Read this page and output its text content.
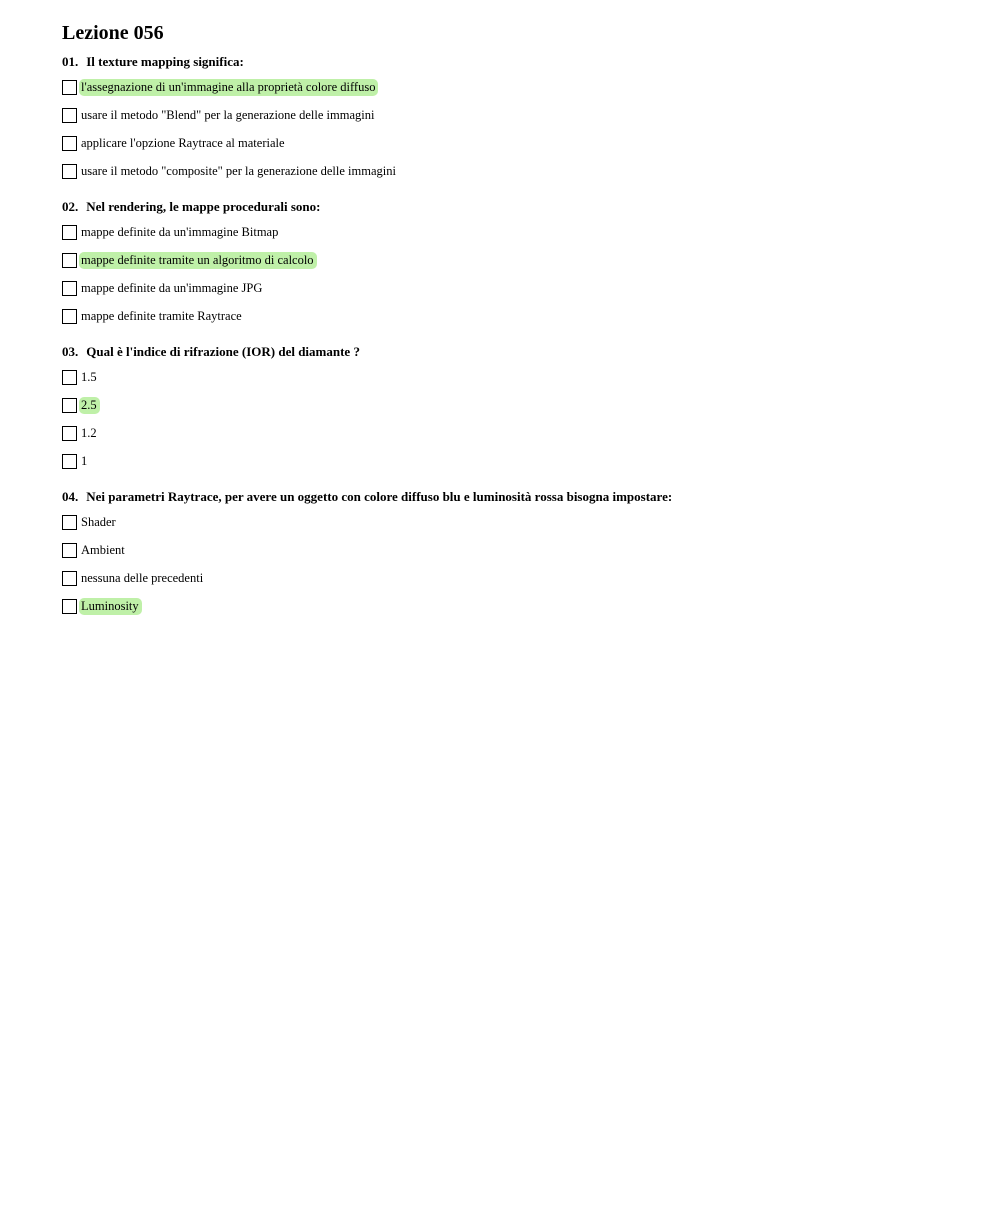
Lezione 056

01. Il texture mapping significa:

l'assegnazione di un'immagine alla proprietà colore diffuso
usare il metodo "Blend" per la generazione delle immagini
applicare l'opzione Raytrace al materiale
usare il metodo "composite" per la generazione delle immagini

02. Nel rendering, le mappe procedurali sono:

mappe definite da un'immagine Bitmap
mappe definite tramite un algoritmo di calcolo
mappe definite da un'immagine JPG
mappe definite tramite Raytrace

03. Qual è l'indice di rifrazione (IOR) del diamante ?

1.5
2.5
1.2
1

04. Nei parametri Raytrace, per avere un oggetto con colore diffuso blu e luminosità rossa bisogna impostare:

Shader
Ambient
nessuna delle precedenti
Luminosity
